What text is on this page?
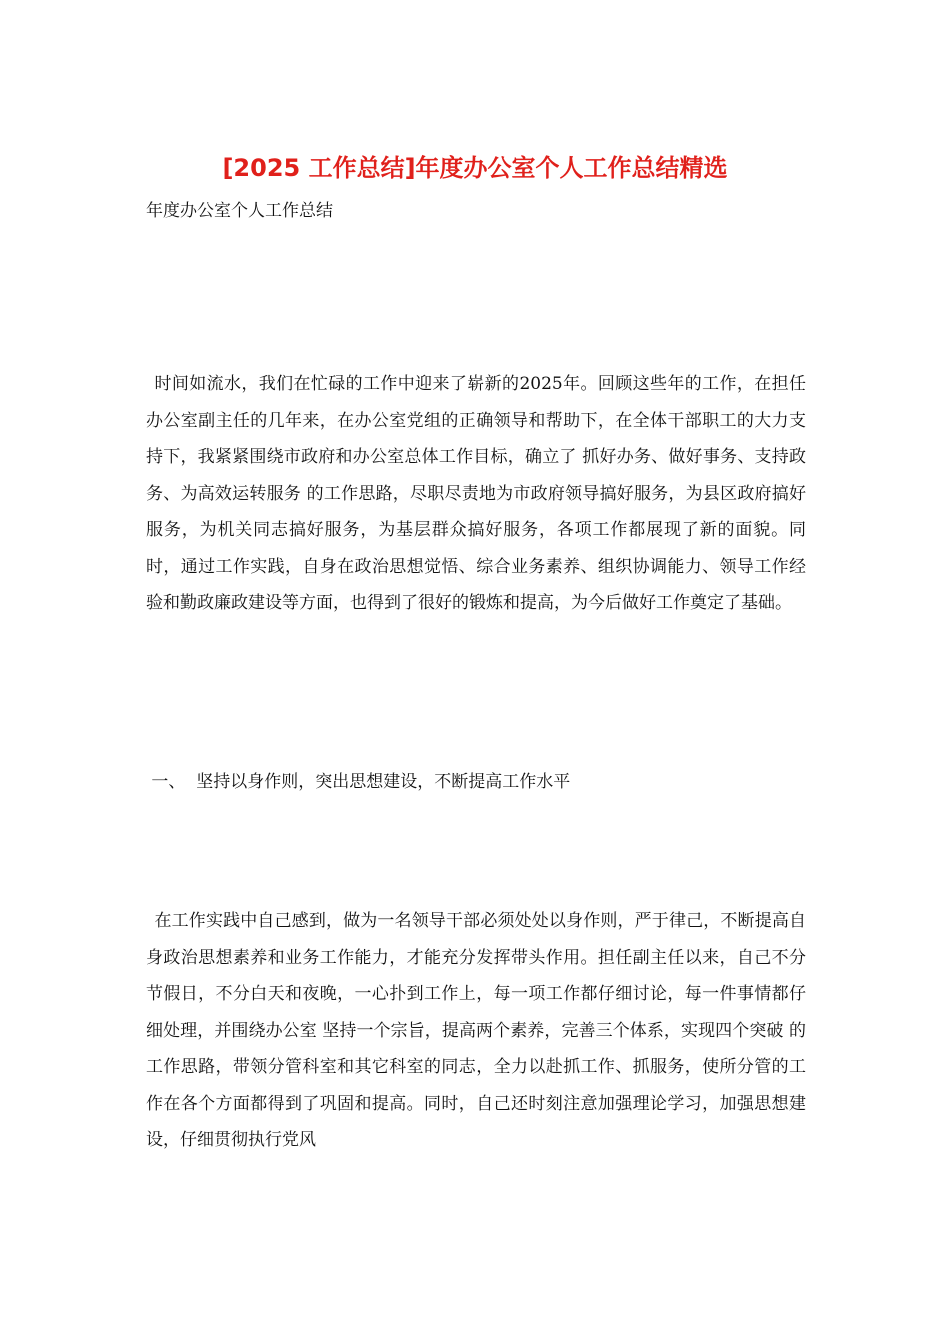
[2025 工作总结]年度办公室个人工作总结精选

年度办公室个人工作总结

时间如流水，我们在忙碌的工作中迎来了崭新的2025年。回顾这些年的工作，在担任办公室副主任的几年来，在办公室党组的正确领导和帮助下，在全体干部职工的大力支持下，我紧紧围绕市政府和办公室总体工作目标，确立了 抓好办务、做好事务、支持政务、为高效运转服务 的工作思路，尽职尽责地为市政府领导搞好服务，为县区政府搞好服务，为机关同志搞好服务，为基层群众搞好服务，各项工作都展现了新的面貌。同时，通过工作实践，自身在政治思想觉悟、综合业务素养、组织协调能力、领导工作经验和勤政廉政建设等方面，也得到了很好的锻炼和提高，为今后做好工作奠定了基础。

一、  坚持以身作则，突出思想建设，不断提高工作水平

在工作实践中自己感到，做为一名领导干部必须处处以身作则，严于律己，不断提高自身政治思想素养和业务工作能力，才能充分发挥带头作用。担任副主任以来，自己不分节假日，不分白天和夜晚，一心扑到工作上，每一项工作都仔细讨论，每一件事情都仔细处理，并围绕办公室 坚持一个宗旨，提高两个素养，完善三个体系，实现四个突破 的工作思路，带领分管科室和其它科室的同志，全力以赴抓工作、抓服务，使所分管的工作在各个方面都得到了巩固和提高。同时，自己还时刻注意加强理论学习，加强思想建设，仔细贯彻执行党风
